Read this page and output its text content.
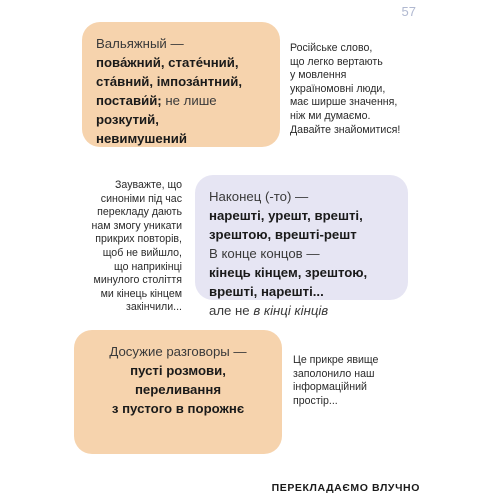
57
Вальяжный —
пова́жний, стате́чний,
ста́вний, імпоза́нтний,
постави́й; не лише
розкутий,
невимушений
Російське слово,
що легко вертають
у мовлення
україномовні люди,
має ширше значення,
ніж ми думаємо.
Давайте знайомитися!
Зауважте, що
синоніми під час
перекладу дають
нам змогу уникати
прикрих повторів,
щоб не вийшло,
що наприкінці
минулого століття
ми кінець кінцем
закінчили...
Наконец (-то) —
нарешті, урешт, врешті,
зрештою, врешті-решт
В конце концов —
кінець кінцем, зрештою,
врешті, нарешті...
але не в кінці кінців
Досужие разговоры —
пусті розмови,
переливання
з пустого в порожнє
Це прикре явище
заполонило наш
інформаційний
простір...
ПЕРЕКЛАДАЄМО ВЛУЧНО
